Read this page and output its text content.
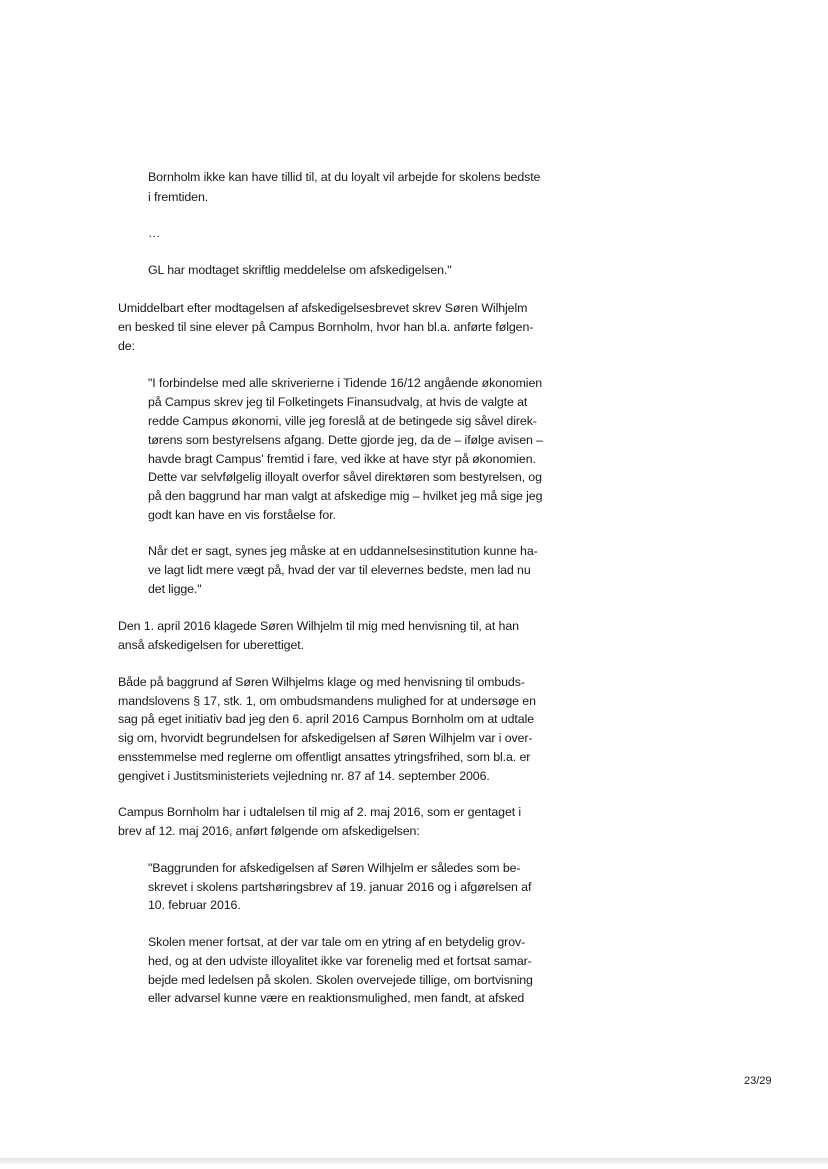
Bornholm ikke kan have tillid til, at du loyalt vil arbejde for skolens bedste
i fremtiden.
…
GL har modtaget skriftlig meddelelse om afskedigelsen."
Umiddelbart efter modtagelsen af afskedigelsesbrevet skrev Søren Wilhjelm
en besked til sine elever på Campus Bornholm, hvor han bl.a. anførte følgen-
de:
"I forbindelse med alle skriverierne i Tidende 16/12 angående økonomien
på Campus skrev jeg til Folketingets Finansudvalg, at hvis de valgte at
redde Campus økonomi, ville jeg foreslå at de betingede sig såvel direk-
tørens som bestyrelsens afgang. Dette gjorde jeg, da de – ifølge avisen –
havde bragt Campus' fremtid i fare, ved ikke at have styr på økonomien.
Dette var selvfølgelig illoyalt overfor såvel direktøren som bestyrelsen, og
på den baggrund har man valgt at afskedige mig – hvilket jeg må sige jeg
godt kan have en vis forståelse for.
Når det er sagt, synes jeg måske at en uddannelsesinstitution kunne ha-
ve lagt lidt mere vægt på, hvad der var til elevernes bedste, men lad nu
det ligge."
Den 1. april 2016 klagede Søren Wilhjelm til mig med henvisning til, at han
anså afskedigelsen for uberettiget.
Både på baggrund af Søren Wilhjelms klage og med henvisning til ombuds-
mandslovens § 17, stk. 1, om ombudsmandens mulighed for at undersøge en
sag på eget initiativ bad jeg den 6. april 2016 Campus Bornholm om at udtale
sig om, hvorvidt begrundelsen for afskedigelsen af Søren Wilhjelm var i over-
ensstemmelse med reglerne om offentligt ansattes ytringsfrihed, som bl.a. er
gengivet i Justitsministeriets vejledning nr. 87 af 14. september 2006.
Campus Bornholm har i udtalelsen til mig af 2. maj 2016, som er gentaget i
brev af 12. maj 2016, anført følgende om afskedigelsen:
"Baggrunden for afskedigelsen af Søren Wilhjelm er således som be-
skrevet i skolens partshøringsbrev af 19. januar 2016 og i afgørelsen af
10. februar 2016.
Skolen mener fortsat, at der var tale om en ytring af en betydelig grov-
hed, og at den udviste illoyalitet ikke var forenelig med et fortsat samar-
bejde med ledelsen på skolen. Skolen overvejede tillige, om bortvisning
eller advarsel kunne være en reaktionsmulighed, men fandt, at afsked
23/29
